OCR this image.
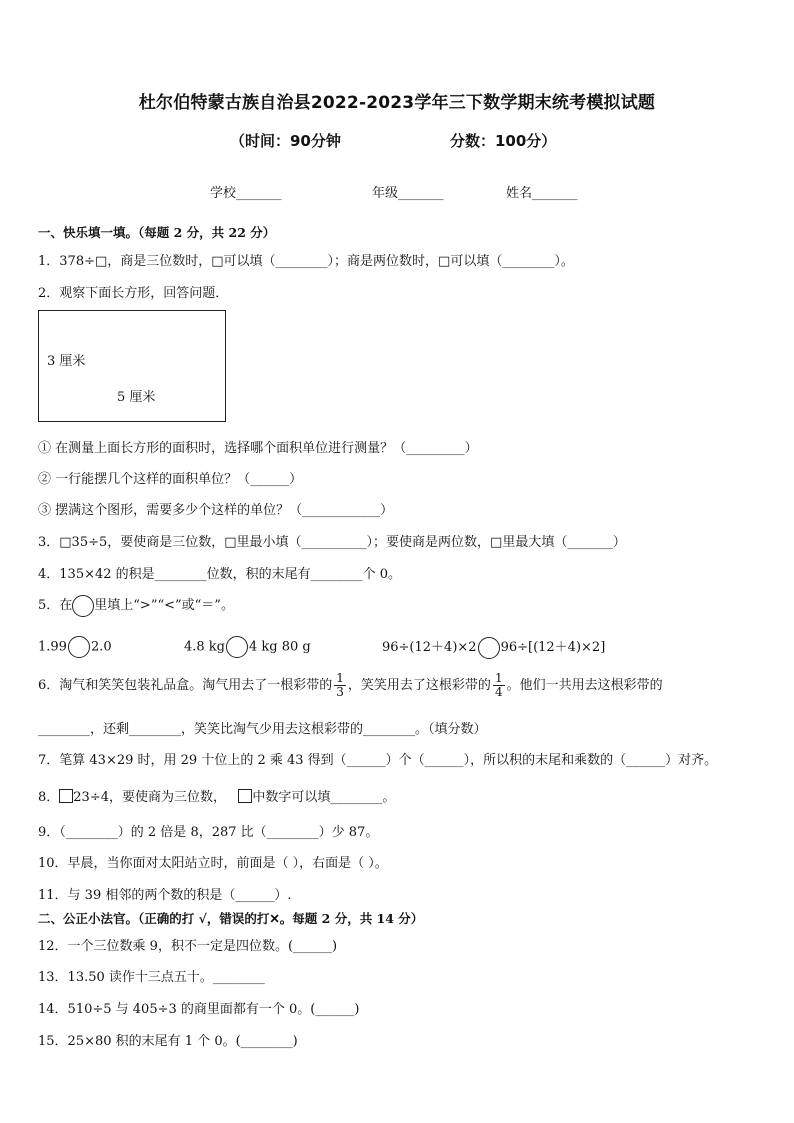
杜尔伯特蒙古族自治县2022-2023学年三下数学期末统考模拟试题
（时间：90分钟	分数：100分）
学校_______	年级_______	姓名_______
一、快乐填一填。（每题 2 分，共 22 分）
1．378÷□，商是三位数时，□可以填（________）；商是两位数时，□可以填（________）。
2．观察下面长方形，回答问题．
3 厘米
5 厘米
① 在测量上面长方形的面积时，选择哪个面积单位进行测量？（_________）
② 一行能摆几个这样的面积单位？（______）
③ 摆满这个图形，需要多少个这样的单位？（____________）
3．□35÷5，要使商是三位数，□里最小填（__________）；要使商是两位数，□里最大填（_______）
4．135×42 的积是________位数，积的末尾有________个 0。
5．在 里填上“>”“<”或“＝”。
1.99 2.0	4.8 kg 4 kg 80 g	96÷(12＋4)×2 96÷[(12＋4)×2]
6．淘气和笑笑包装礼品盒。淘气用去了一根彩带的 $\frac{1}{3}$ ，笑笑用去了这根彩带的 $\frac{1}{4}$ 。他们一共用去这根彩带的
________，还剩________，笑笑比淘气少用去这根彩带的________。（填分数）
7．笔算 43×29 时，用 29 十位上的 2 乘 43 得到（______）个（______），所以积的末尾和乘数的（______）对齐。
8． 23÷4，要使商为三位数， 中数字可以填________。
9．（________）的 2 倍是 8，287 比（________）少 87。
10．早晨，当你面对太阳站立时，前面是（ ），右面是（ ）。
11．与 39 相邻的两个数的积是（______）.
二、公正小法官。（正确的打 √，错误的打✕。每题 2 分，共 14 分）
12．一个三位数乘 9，积不一定是四位数。(______)
13．13.50 读作十三点五十。________
14．510÷5 与 405÷3 的商里面都有一个 0。(______)
15．25×80 积的末尾有 1 个 0。(________)
